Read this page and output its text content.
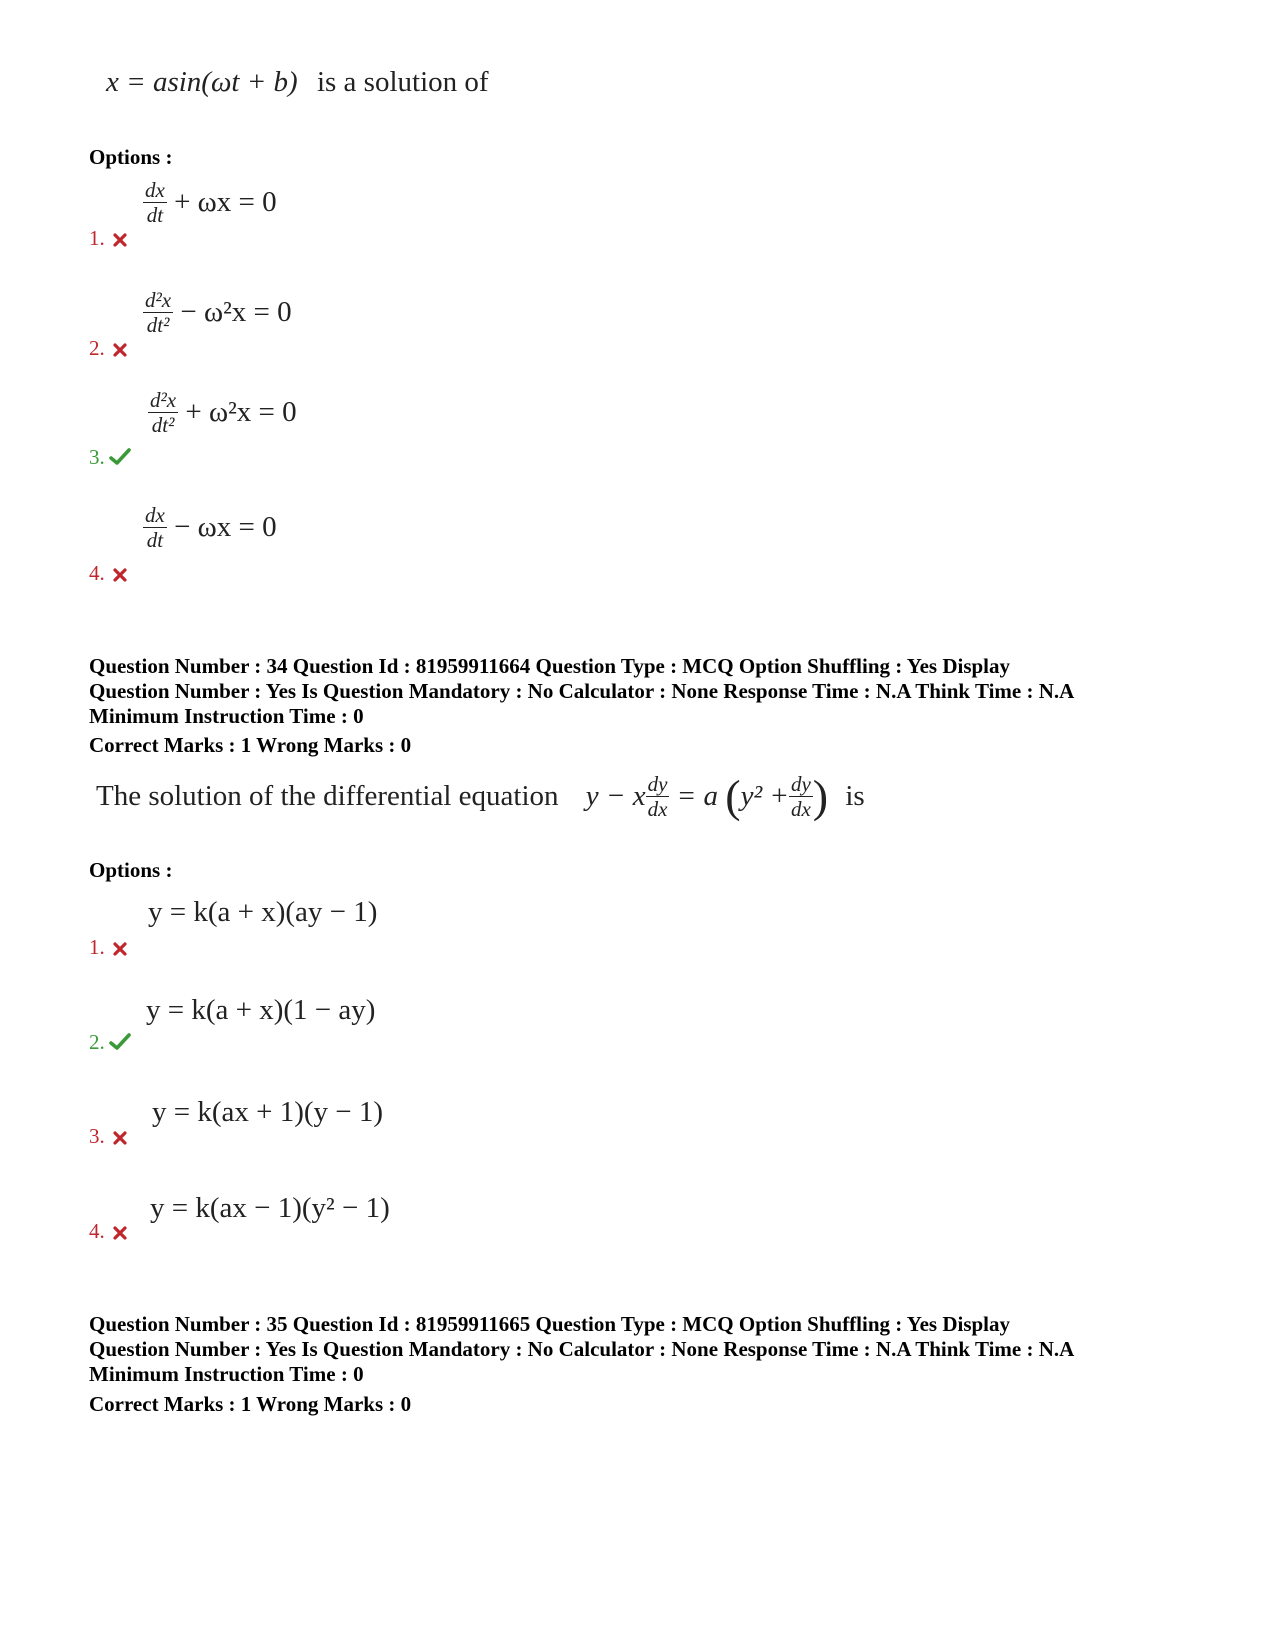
x = asin(ωt + b) is a solution of
Options :
$\frac{dx}{dt} + \omega x = 0$
1.
$\frac{\text{d²x}}{\text{dt²}} - \omega^2x = 0$
2.
$\frac{\text{d²x}}{\text{dt²}} + \omega^2x = 0$
3.
$\frac{dx}{dt} - \omega x = 0$
4.
Question Number : 34 Question Id : 81959911664 Question Type : MCQ Option Shuffling : Yes Display
Question Number : Yes Is Question Mandatory : No Calculator : None Response Time : N.A Think Time : N.A
Minimum Instruction Time : 0
Correct Marks : 1 Wrong Marks : 0
The solution of the differential equation y − x $\frac{dy}{dx} = a$ ($y^2 + \frac{dy}{dx}$ ) is
Options :
y = k(a + x)(ay − 1)
1.
y = k(a + x)(1 − ay)
2.
y = k(ax + 1)(y − 1)
3.
y = k(ax − 1)(y² − 1)
4.
Question Number : 35 Question Id : 81959911665 Question Type : MCQ Option Shuffling : Yes Display
Question Number : Yes Is Question Mandatory : No Calculator : None Response Time : N.A Think Time : N.A
Minimum Instruction Time : 0
Correct Marks : 1 Wrong Marks : 0
